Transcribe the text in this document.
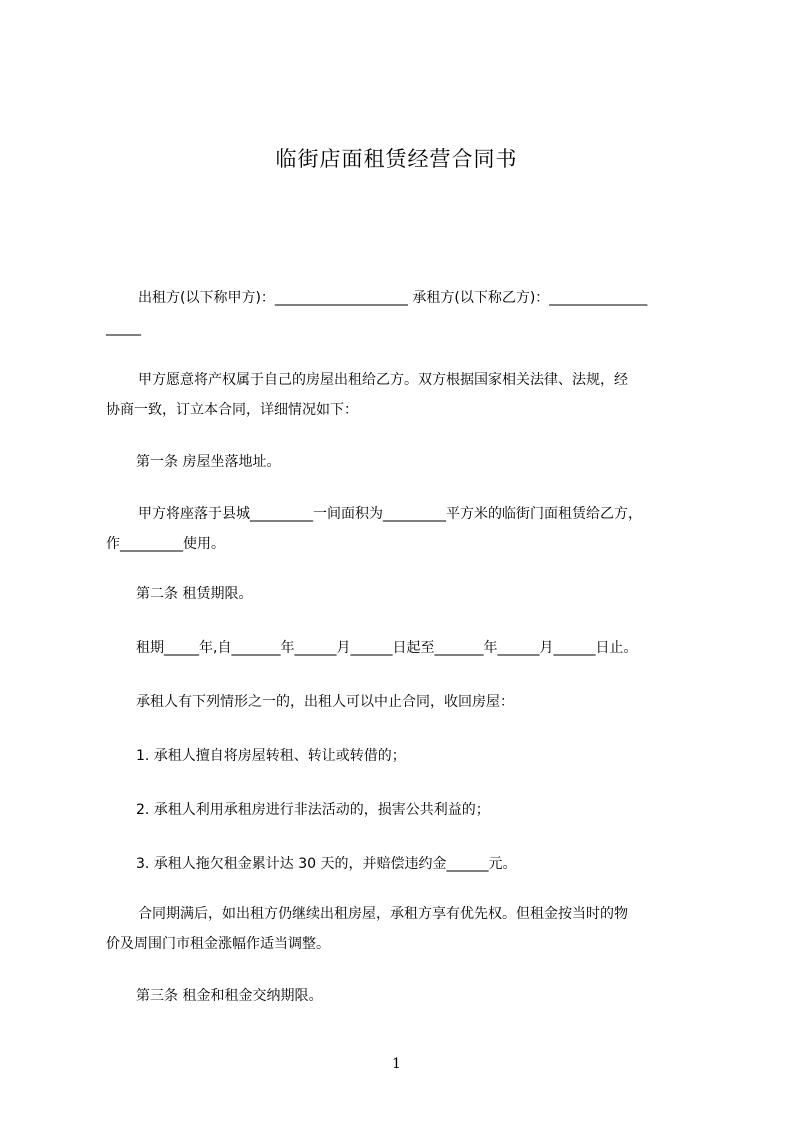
临街店面租赁经营合同书
出租方(以下称甲方)：___________________ 承租方(以下称乙方)：______________
_____
甲方愿意将产权属于自己的房屋出租给乙方。双方根据国家相关法律、法规，经
协商一致，订立本合同，详细情况如下：

第一条 房屋坐落地址。

甲方将座落于县城_________一间面积为_________平方米的临街门面租赁给乙方，
作_________使用。

第二条 租赁期限。

租期_____年,自_______年______月______日起至_______年______月______日止。

承租人有下列情形之一的，出租人可以中止合同，收回房屋：

1. 承租人擅自将房屋转租、转让或转借的；

2. 承租人利用承租房进行非法活动的，损害公共利益的；

3. 承租人拖欠租金累计达 30 天的，并赔偿违约金______元。

合同期满后，如出租方仍继续出租房屋，承租方享有优先权。但租金按当时的物
价及周围门市租金涨幅作适当调整。

第三条 租金和租金交纳期限。

1
